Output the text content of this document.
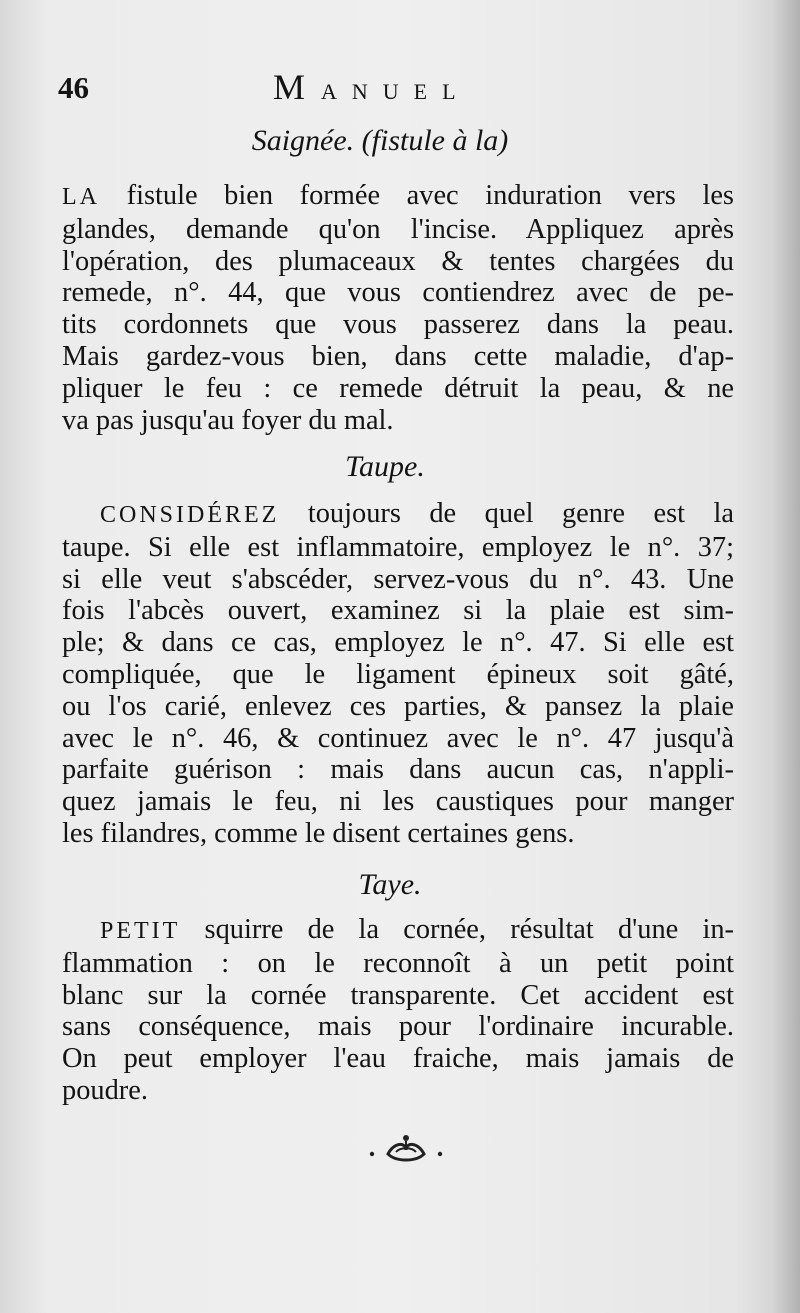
46	MANUEL
Saignée. (fistule à la)
LA fistule bien formée avec induration vers les
glandes, demande qu'on l'incise. Appliquez après
l'opération, des plumaceaux & tentes chargées du
remede, n°. 44, que vous contiendrez avec de pe-
tits cordonnets que vous passerez dans la peau.
Mais gardez-vous bien, dans cette maladie, d'ap-
pliquer le feu : ce remede détruit la peau, & ne
va pas jusqu'au foyer du mal.
Taupe.
CONSIDÉREZ toujours de quel genre est la
taupe. Si elle est inflammatoire, employez le n°. 37;
si elle veut s'abscéder, servez-vous du n°. 43. Une
fois l'abcès ouvert, examinez si la plaie est sim-
ple; & dans ce cas, employez le n°. 47. Si elle est
compliquée, que le ligament épineux soit gâté,
ou l'os carié, enlevez ces parties, & pansez la plaie
avec le n°. 46, & continuez avec le n°. 47 jusqu'à
parfaite guérison : mais dans aucun cas, n'appli-
quez jamais le feu, ni les caustiques pour manger
les filandres, comme le disent certaines gens.
Taye.
PETIT squirre de la cornée, résultat d'une in-
flammation : on le reconnoît à un petit point
blanc sur la cornée transparente. Cet accident est
sans conséquence, mais pour l'ordinaire incurable.
On peut employer l'eau fraiche, mais jamais de
poudre.
